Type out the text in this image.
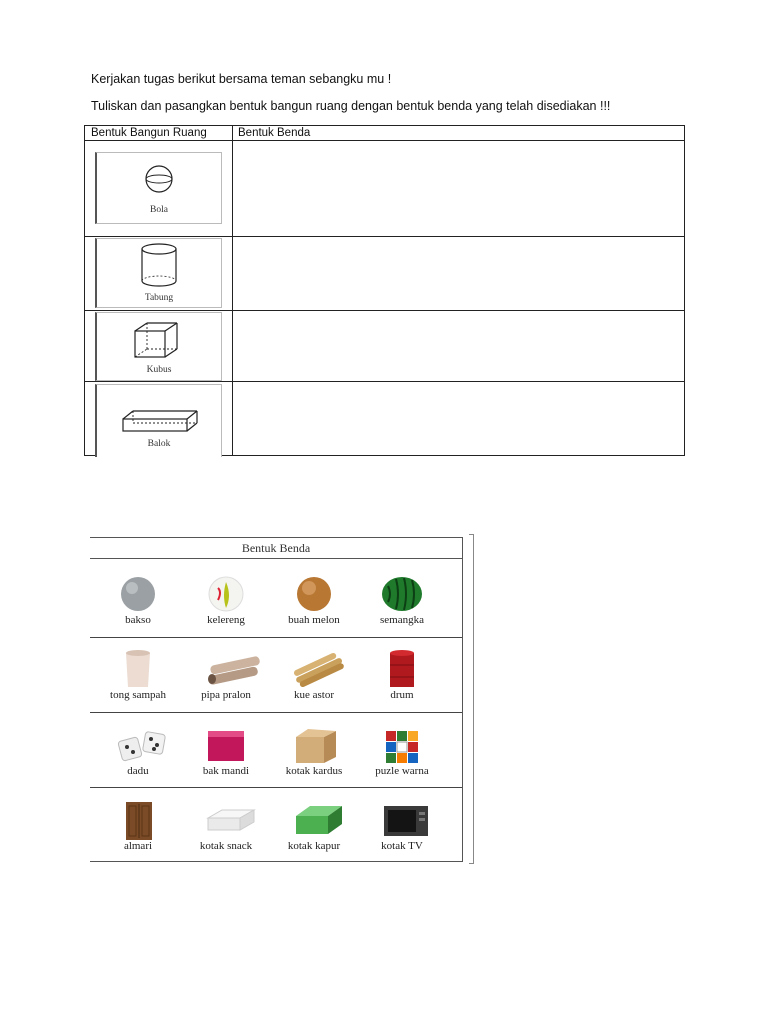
Kerjakan tugas berikut bersama teman sebangku mu !
Tuliskan dan pasangkan bentuk bangun ruang dengan bentuk benda yang telah disediakan !!!
Bentuk Bangun Ruang	Bentuk Benda
Bola
Tabung
Kubus
Balok
Bentuk Benda
bakso	kelereng	buah melon	semangka
tong sampah	pipa pralon	kue astor	drum
dadu	bak mandi	kotak kardus	puzle warna
almari	kotak snack	kotak kapur	kotak TV
